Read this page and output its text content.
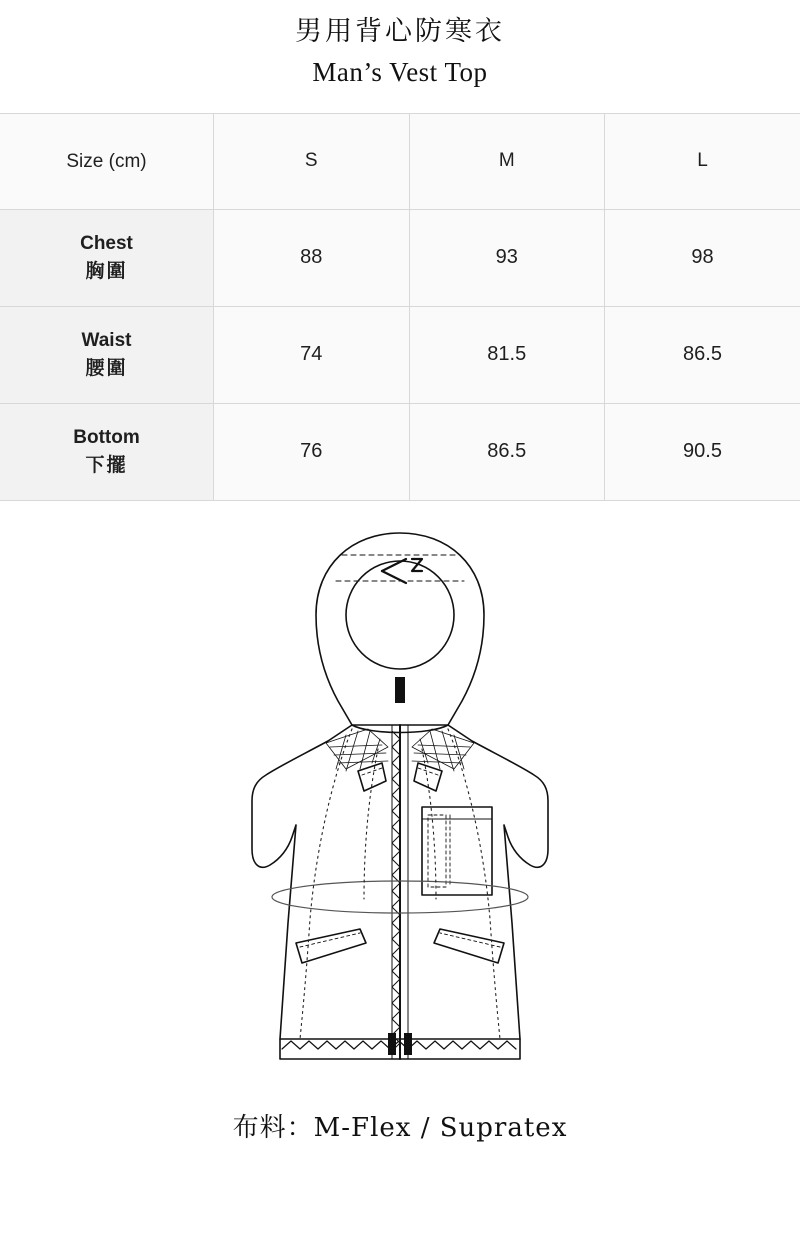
男用背心防寒衣
Man’s Vest Top
Size (cm)	S	M	L
Chest
胸圍	88	93	98
Waist
腰圍	74	81.5	86.5
Bottom
下擺	76	86.5	90.5
布料：M-Flex / Supratex
